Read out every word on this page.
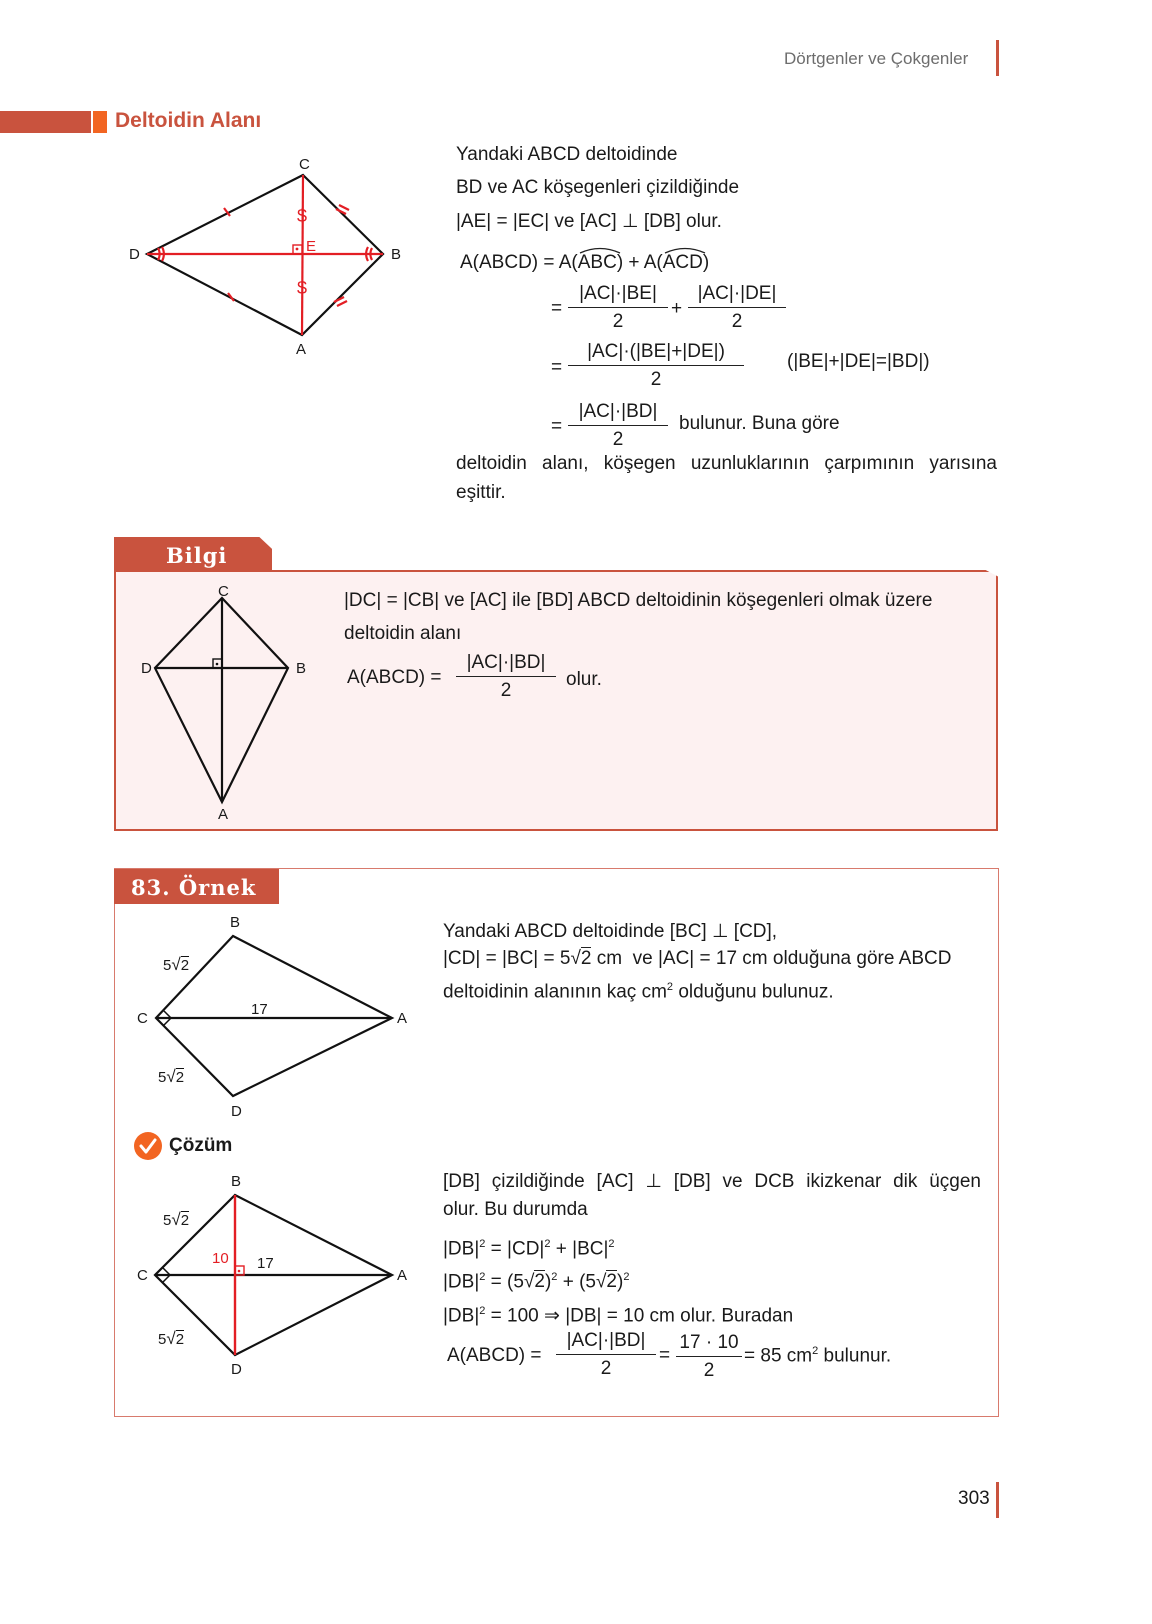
Dörtgenler ve Çokgenler
Deltoidin Alanı
$
$
C
D	B
A
E
Yandaki ABCD deltoidinde
BD ve AC köşegenleri çizildiğinde
|AE| = |EC| ve [AC] ⊥ [DB] olur.
A(ABCD) = A( ABC ) + A( ACD )
= $\frac{|AC|\cdot|BE|}{2} + \frac{|AC|\cdot|DE|}{2}$
= $\frac{|AC|\cdot(|BE|+|DE|)}{2} (|BE|+|DE|=|BD|)$
= $\frac{|AC|\cdot|BD|}{2}$ bulunur. Buna göre
deltoidin alanı, köşegen uzunluklarının çarpımının yarısına
eşittir.
Bilgi
C
D	B
A
|DC| = |CB| ve [AC] ile [BD] ABCD deltoidinin köşegenleri olmak üzere
deltoidin alanı
A(ABCD) = $\frac{|AC|\cdot|BD|}{2}$ olur.
83. Örnek
B
C	A
D
17
5√2
5√2
Yandaki ABCD deltoidinde [BC] ⊥ [CD],
|CD| = |BC| = 5√2 cm  ve |AC| = 17 cm olduğuna göre ABCD
deltoidinin alanının kaç $cm^2$ olduğunu bulunuz.
Çözüm
B
C	A
D
17
10
5√2
5√2
[DB] çizildiğinde [AC] ⊥ [DB] ve DCB ikizkenar dik üçgen
olur. Bu durumda
$|DB|^2 = |CD|^2 + |BC|^2$
$|DB|^2 = (5√2)^2 + (5√2)^2$
$|DB|^2 = 100$ ⇒ |DB| = 10 cm olur. Buradan
A(ABCD) = $\frac{|AC|\cdot|BD|}{2} = \frac{17 \cdot 10}{2} = 85$ $cm^2$ bulunur.
303
